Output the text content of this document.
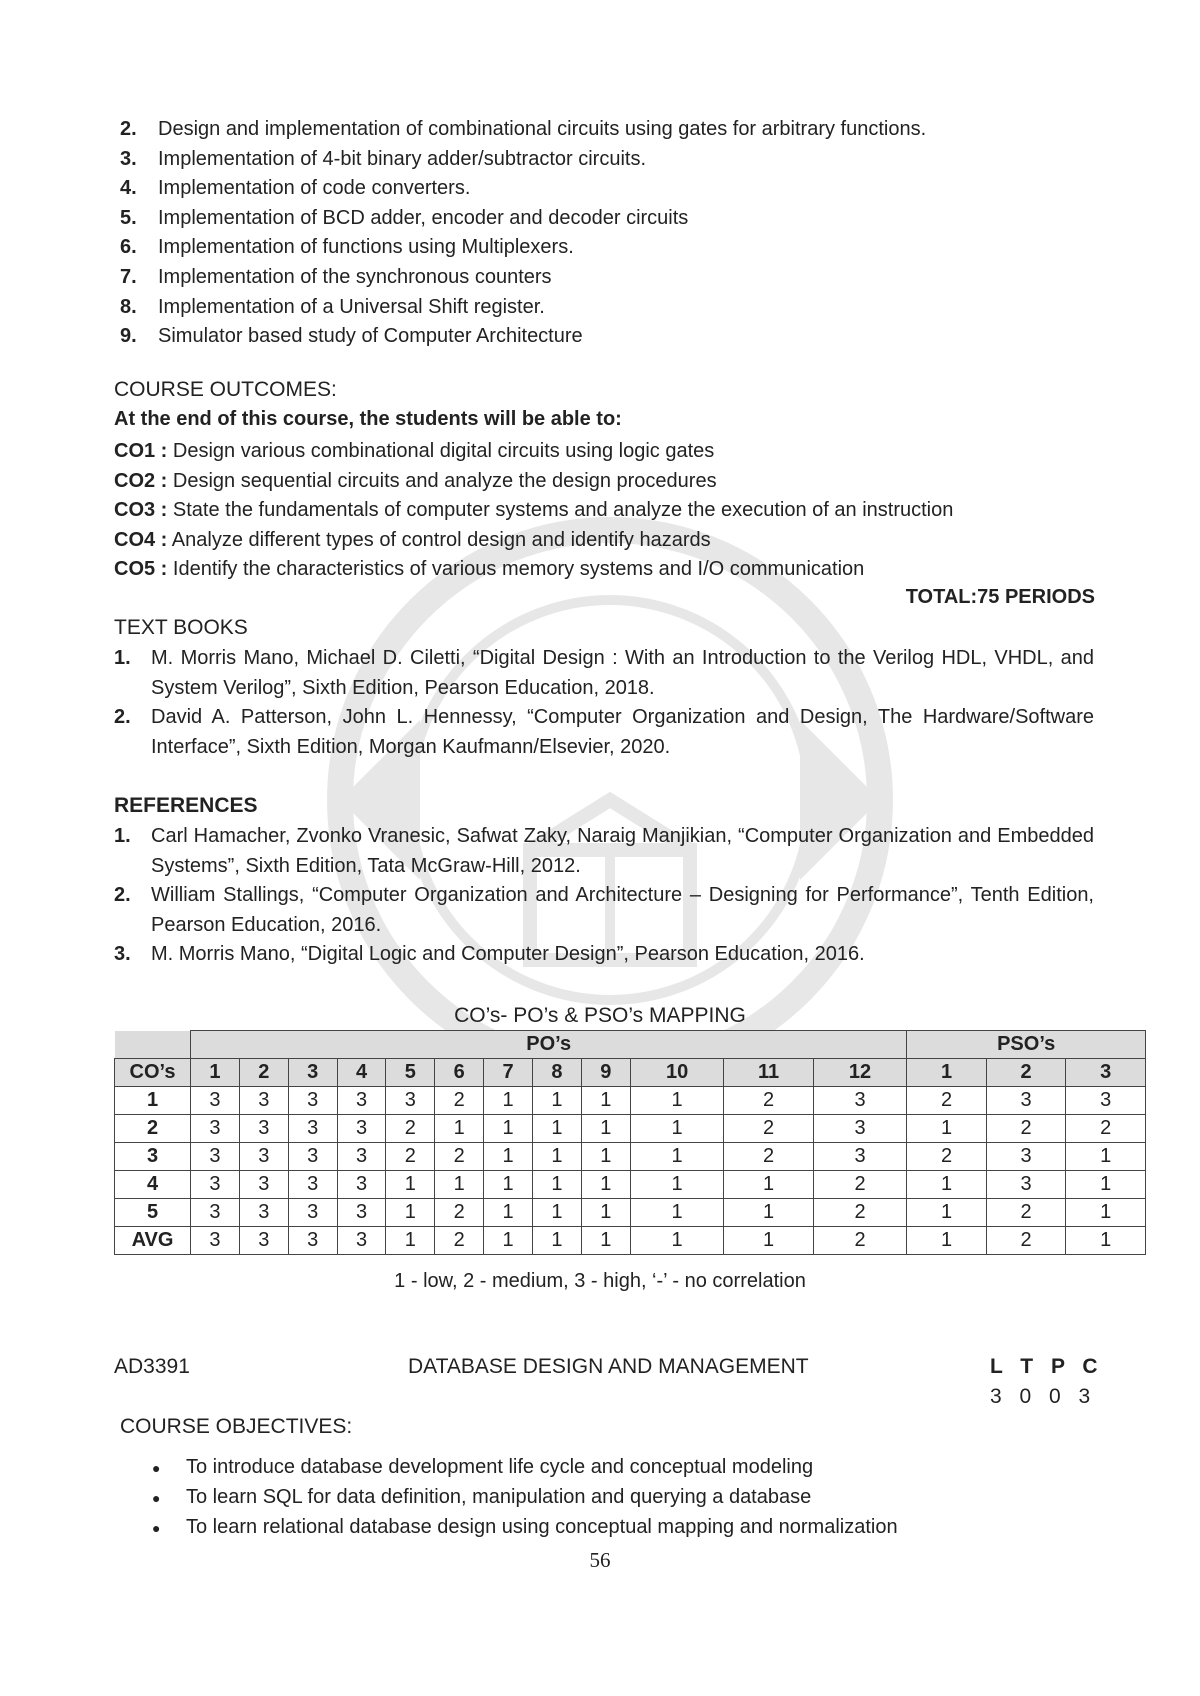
2. Design and implementation of combinational circuits using gates for arbitrary functions.
3. Implementation of 4-bit binary adder/subtractor circuits.
4. Implementation of code converters.
5. Implementation of BCD adder, encoder and decoder circuits
6. Implementation of functions using Multiplexers.
7. Implementation of the synchronous counters
8. Implementation of a Universal Shift register.
9. Simulator based study of Computer Architecture
COURSE OUTCOMES:
At the end of this course, the students will be able to:
CO1 : Design various combinational digital circuits using logic gates
CO2 : Design sequential circuits and analyze the design procedures
CO3 : State the fundamentals of computer systems and analyze the execution of an instruction
CO4 : Analyze different types of control design and identify hazards
CO5 : Identify the characteristics of various memory systems and I/O communication
TOTAL:75 PERIODS
TEXT BOOKS
1. M. Morris Mano, Michael D. Ciletti, “Digital Design : With an Introduction to the Verilog HDL, VHDL, and System Verilog”, Sixth Edition, Pearson Education, 2018.
2. David A. Patterson, John L. Hennessy, “Computer Organization and Design, The Hardware/Software Interface”, Sixth Edition, Morgan Kaufmann/Elsevier, 2020.
REFERENCES
1. Carl Hamacher, Zvonko Vranesic, Safwat Zaky, Naraig Manjikian, “Computer Organization and Embedded Systems”, Sixth Edition, Tata McGraw-Hill, 2012.
2. William Stallings, “Computer Organization and Architecture – Designing for Performance”, Tenth Edition, Pearson Education, 2016.
3. M. Morris Mano, “Digital Logic and Computer Design”, Pearson Education, 2016.
CO’s- PO’s & PSO’s MAPPING
	PO’s												PSO’s		
CO’s	1	2	3	4	5	6	7	8	9	10	11	12	1	2	3
1	3	3	3	3	3	2	1	1	1	1	2	3	2	3	3
2	3	3	3	3	2	1	1	1	1	1	2	3	1	2	2
3	3	3	3	3	2	2	1	1	1	1	2	3	2	3	1
4	3	3	3	3	1	1	1	1	1	1	1	2	1	3	1
5	3	3	3	3	1	2	1	1	1	1	1	2	1	2	1
AVG	3	3	3	3	1	2	1	1	1	1	1	2	1	2	1
1 - low, 2 - medium, 3 - high, ‘-’ - no correlation
AD3391	DATABASE DESIGN AND MANAGEMENT	L T P C
3 0 0 3
COURSE OBJECTIVES:
● To introduce database development life cycle and conceptual modeling
● To learn SQL for data definition, manipulation and querying a database
● To learn relational database design using conceptual mapping and normalization
56
